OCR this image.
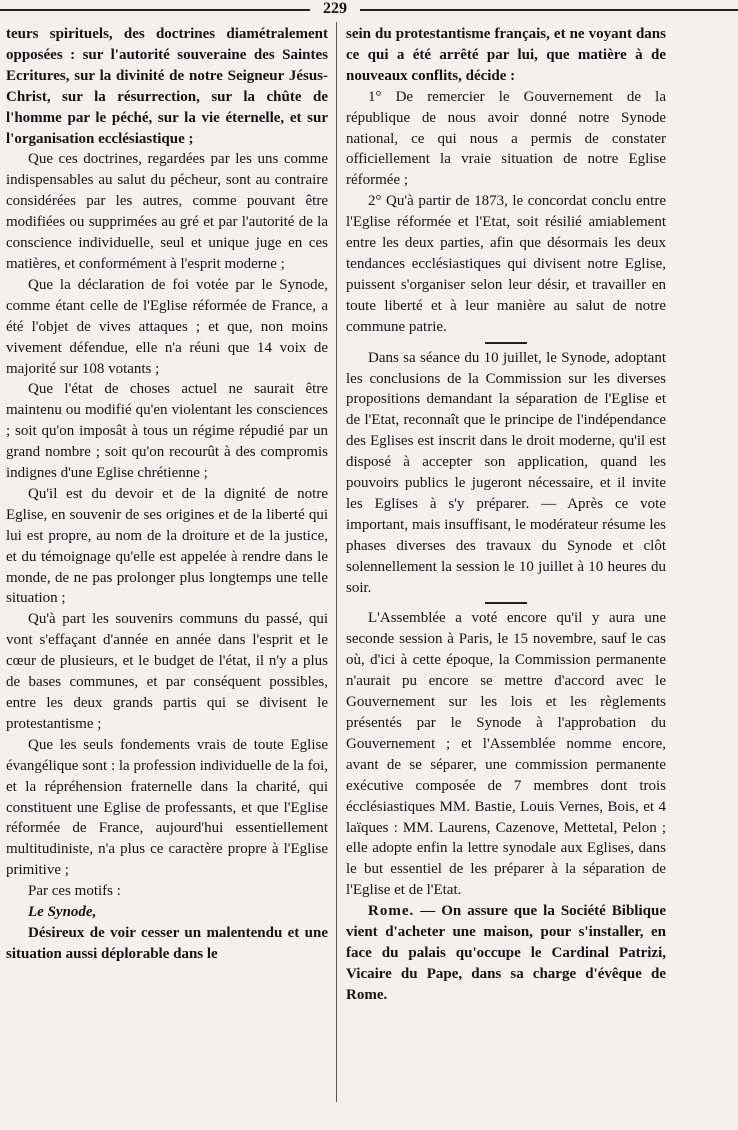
229

teurs spirituels, des doctrines diamétralement opposées : sur l'autorité souveraine des Saintes Ecritures, sur la divinité de notre Seigneur Jésus-Christ, sur la résurrection, sur la chûte de l'homme par le péché, sur la vie éternelle, et sur l'organisation ecclésiastique ;

Que ces doctrines, regardées par les uns comme indispensables au salut du pécheur, sont au contraire considérées par les autres, comme pouvant être modifiées ou supprimées au gré et par l'autorité de la conscience individuelle, seul et unique juge en ces matières, et conformément à l'esprit moderne ;

Que la déclaration de foi votée par le Synode, comme étant celle de l'Eglise réformée de France, a été l'objet de vives attaques ; et que, non moins vivement défendue, elle n'a réuni que 14 voix de majorité sur 108 votants ;

Que l'état de choses actuel ne saurait être maintenu ou modifié qu'en violentant les consciences ; soit qu'on imposât à tous un régime répudié par un grand nombre ; soit qu'on recourût à des compromis indignes d'une Eglise chrétienne ;

Qu'il est du devoir et de la dignité de notre Eglise, en souvenir de ses origines et de la liberté qui lui est propre, au nom de la droiture et de la justice, et du témoignage qu'elle est appelée à rendre dans le monde, de ne pas prolonger plus longtemps une telle situation ;

Qu'à part les souvenirs communs du passé, qui vont s'effaçant d'année en année dans l'esprit et le cœur de plusieurs, et le budget de l'état, il n'y a plus de bases communes, et par conséquent possibles, entre les deux grands partis qui se divisent le protestantisme ;

Que les seuls fondements vrais de toute Eglise évangélique sont : la profession individuelle de la foi, et la répréhension fraternelle dans la charité, qui constituent une Eglise de professants, et que l'Eglise réformée de France, aujourd'hui essentiellement multitudiniste, n'a plus ce caractère propre à l'Eglise primitive ;

Par ces motifs :

Le Synode,

Désireux de voir cesser un malentendu et une situation aussi déplorable dans le

sein du protestantisme français, et ne voyant dans ce qui a été arrêté par lui, que matière à de nouveaux conflits, décide :

1° De remercier le Gouvernement de la république de nous avoir donné notre Synode national, ce qui nous a permis de constater officiellement la vraie situation de notre Eglise réformée ;

2° Qu'à partir de 1873, le concordat conclu entre l'Eglise réformée et l'Etat, soit résilié amiablement entre les deux parties, afin que désormais les deux tendances ecclésiastiques qui divisent notre Eglise, puissent s'organiser selon leur désir, et travailler en toute liberté et à leur manière au salut de notre commune patrie.

Dans sa séance du 10 juillet, le Synode, adoptant les conclusions de la Commission sur les diverses propositions demandant la séparation de l'Eglise et de l'Etat, reconnaît que le principe de l'indépendance des Eglises est inscrit dans le droit moderne, qu'il est disposé à accepter son application, quand les pouvoirs publics le jugeront nécessaire, et il invite les Eglises à s'y préparer. — Après ce vote important, mais insuffisant, le modérateur résume les phases diverses des travaux du Synode et clôt solennellement la session le 10 juillet à 10 heures du soir.

L'Assemblée a voté encore qu'il y aura une seconde session à Paris, le 15 novembre, sauf le cas où, d'ici à cette époque, la Commission permanente n'aurait pu encore se mettre d'accord avec le Gouvernement sur les lois et les règlements présentés par le Synode à l'approbation du Gouvernement ; et l'Assemblée nomme encore, avant de se séparer, une commission permanente exécutive composée de 7 membres dont trois écclésiastiques MM. Bastie, Louis Vernes, Bois, et 4 laïques : MM. Laurens, Cazenove, Mettetal, Pelon ; elle adopte enfin la lettre synodale aux Eglises, dans le but essentiel de les préparer à la séparation de l'Eglise et de l'Etat.

Rome. — On assure que la Société Biblique vient d'acheter une maison, pour s'installer, en face du palais qu'occupe le Cardinal Patrizi, Vicaire du Pape, dans sa charge d'évêque de Rome.
